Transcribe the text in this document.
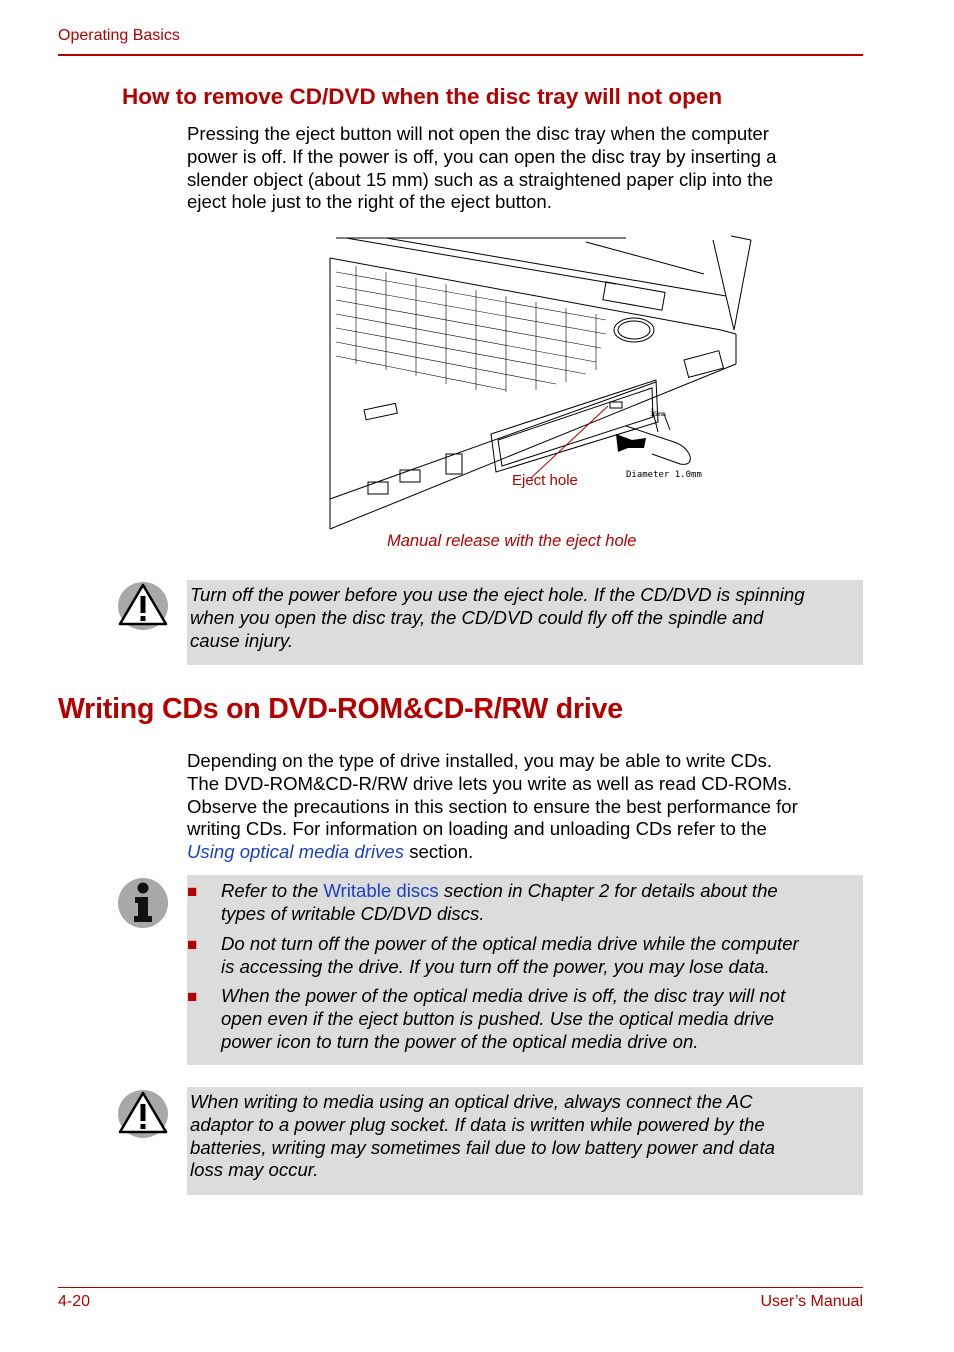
Operating Basics
How to remove CD/DVD when the disc tray will not open
Pressing the eject button will not open the disc tray when the computer
power is off. If the power is off, you can open the disc tray by inserting a
slender object (about 15 mm) such as a straightened paper clip into the
eject hole just to the right of the eject button.
15mm
Eject hole	Diameter 1.0mm
Manual release with the eject hole
Turn off the power before you use the eject hole. If the CD/DVD is spinning
when you open the disc tray, the CD/DVD could fly off the spindle and
cause injury.
Writing CDs on DVD-ROM&CD-R/RW drive
Depending on the type of drive installed, you may be able to write CDs.
The DVD-ROM&CD-R/RW drive lets you write as well as read CD-ROMs.
Observe the precautions in this section to ensure the best performance for
writing CDs. For information on loading and unloading CDs refer to the
Using optical media drives section.
■ Refer to the Writable discs section in Chapter 2 for details about the
types of writable CD/DVD discs.
■ Do not turn off the power of the optical media drive while the computer
is accessing the drive. If you turn off the power, you may lose data.
■ When the power of the optical media drive is off, the disc tray will not
open even if the eject button is pushed. Use the optical media drive
power icon to turn the power of the optical media drive on.
When writing to media using an optical drive, always connect the AC
adaptor to a power plug socket. If data is written while powered by the
batteries, writing may sometimes fail due to low battery power and data
loss may occur.
4-20	User’s Manual
